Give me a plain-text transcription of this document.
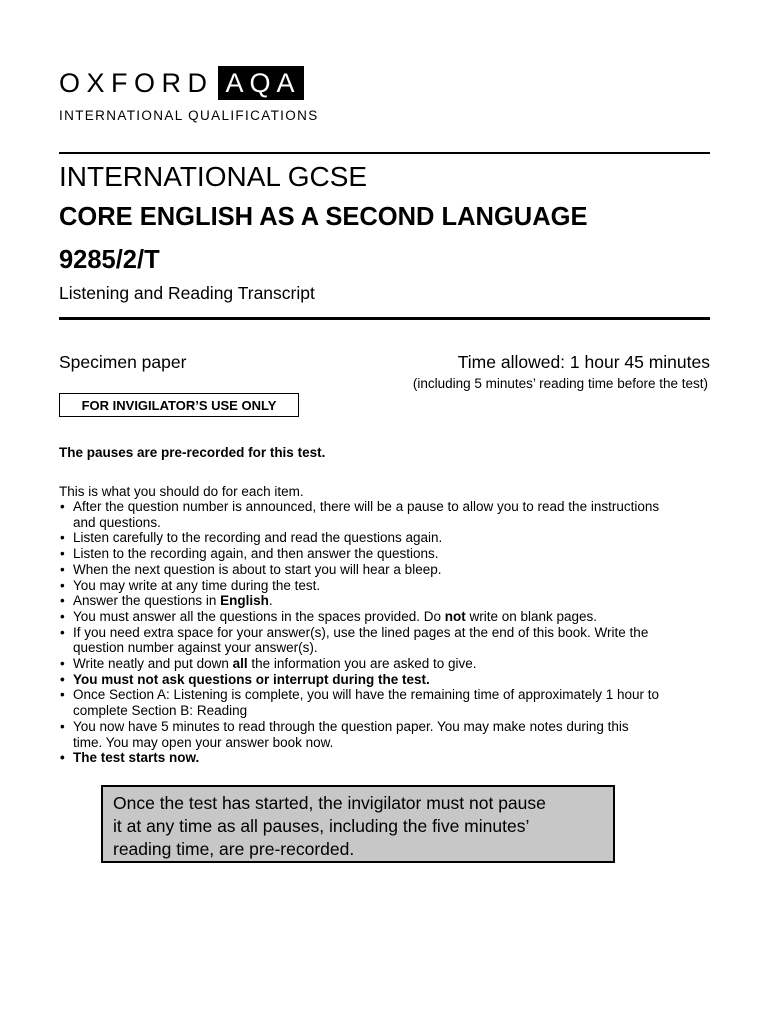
OXFORD AQA
INTERNATIONAL QUALIFICATIONS
INTERNATIONAL GCSE
CORE ENGLISH AS A SECOND LANGUAGE
9285/2/T
Listening and Reading Transcript
Specimen paper	Time allowed: 1 hour 45 minutes
(including 5 minutes’ reading time before the test)
FOR INVIGILATOR’S USE ONLY
The pauses are pre-recorded for this test.
This is what you should do for each item.
• After the question number is announced, there will be a pause to allow you to read the instructions
and questions.
• Listen carefully to the recording and read the questions again.
• Listen to the recording again, and then answer the questions.
• When the next question is about to start you will hear a bleep.
• You may write at any time during the test.
• Answer the questions in English.
• You must answer all the questions in the spaces provided. Do not write on blank pages.
• If you need extra space for your answer(s), use the lined pages at the end of this book. Write the
question number against your answer(s).
• Write neatly and put down all the information you are asked to give.
• You must not ask questions or interrupt during the test.
• Once Section A: Listening is complete, you will have the remaining time of approximately 1 hour to
complete Section B: Reading
• You now have 5 minutes to read through the question paper. You may make notes during this
time. You may open your answer book now.
• The test starts now.
Once the test has started, the invigilator must not pause
it at any time as all pauses, including the five minutes’
reading time, are pre-recorded.
